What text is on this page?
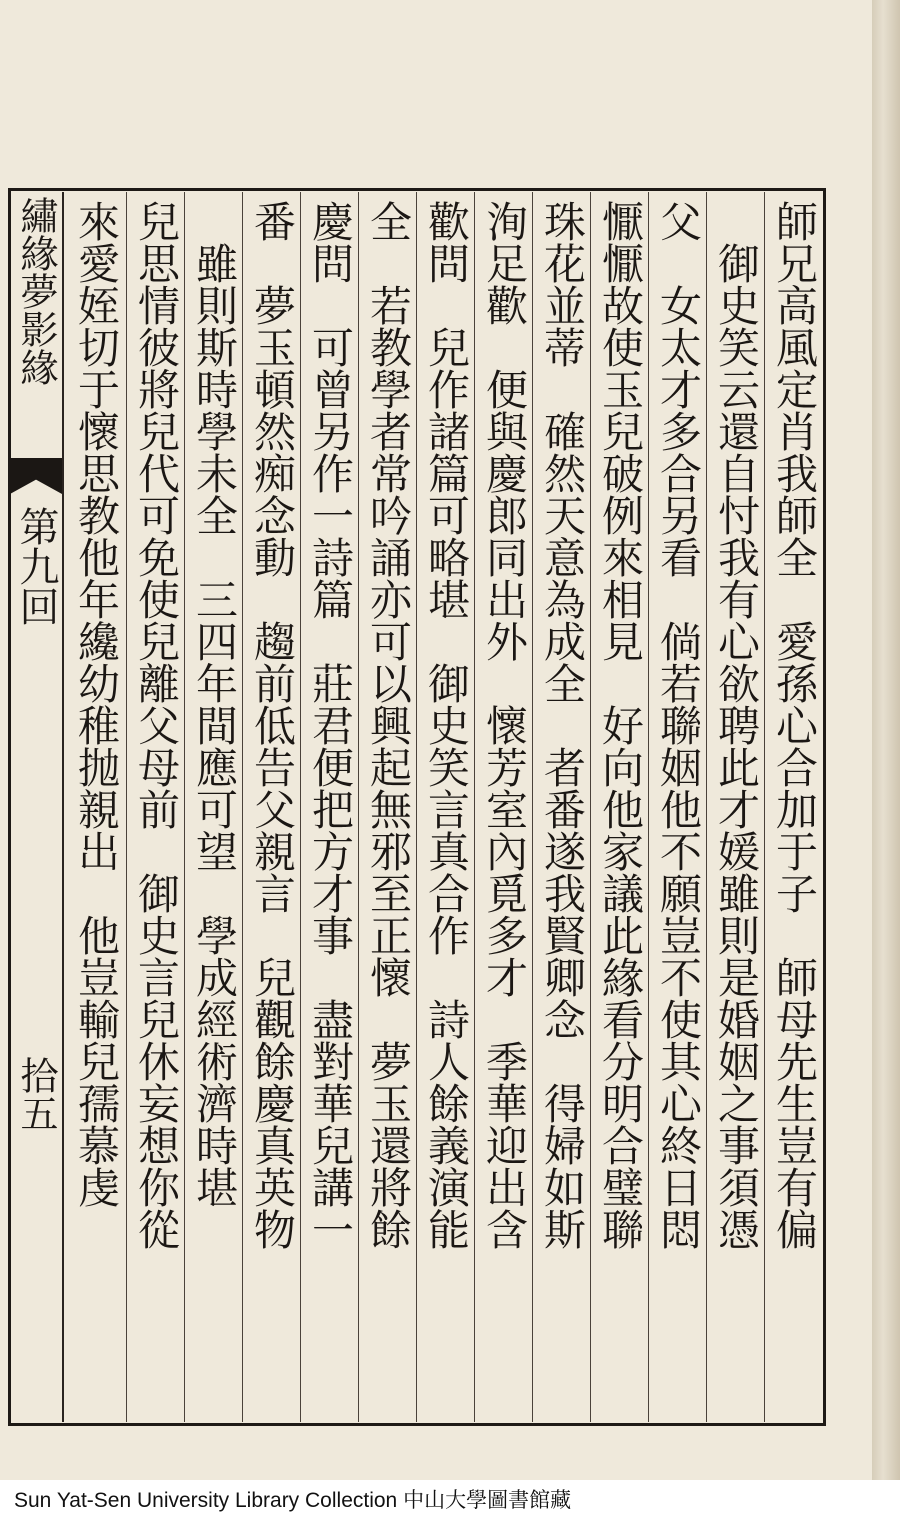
繡緣夢影緣
第九回
拾五	師兄高風定肖我師全　愛孫心合加于子　師母先生豈有偏
　御史笑云還自忖我有心欲聘此才媛雖則是婚姻之事須憑
父　女太才多合另看　倘若聯姻他不願豈不使其心終日悶
懨懨故使玉兒破例來相見　好向他家議此緣看分明合璧聯
珠花並蒂　確然天意為成全　者番遂我賢卿念　得婦如斯
洵足歡　便與慶郎同出外　懷芳室內覓多才　季華迎出含
歡問　兒作諸篇可略堪　御史笑言真合作　詩人餘義演能
全　若教學者常吟誦亦可以興起無邪至正懷　夢玉還將餘
慶問　可曾另作一詩篇　莊君便把方才事　盡對華兒講一
番　夢玉頓然痴念動　趨前低告父親言　兒觀餘慶真英物
　雖則斯時學未全　三四年間應可望　學成經術濟時堪
兒思情彼將兒代可免使兒離父母前　御史言兒休妄想你從
來愛姪切于懷思教他年纔幼稚抛親出　他豈輸兒孺慕虔
Sun Yat-Sen University Library Collection 中山大學圖書館藏
